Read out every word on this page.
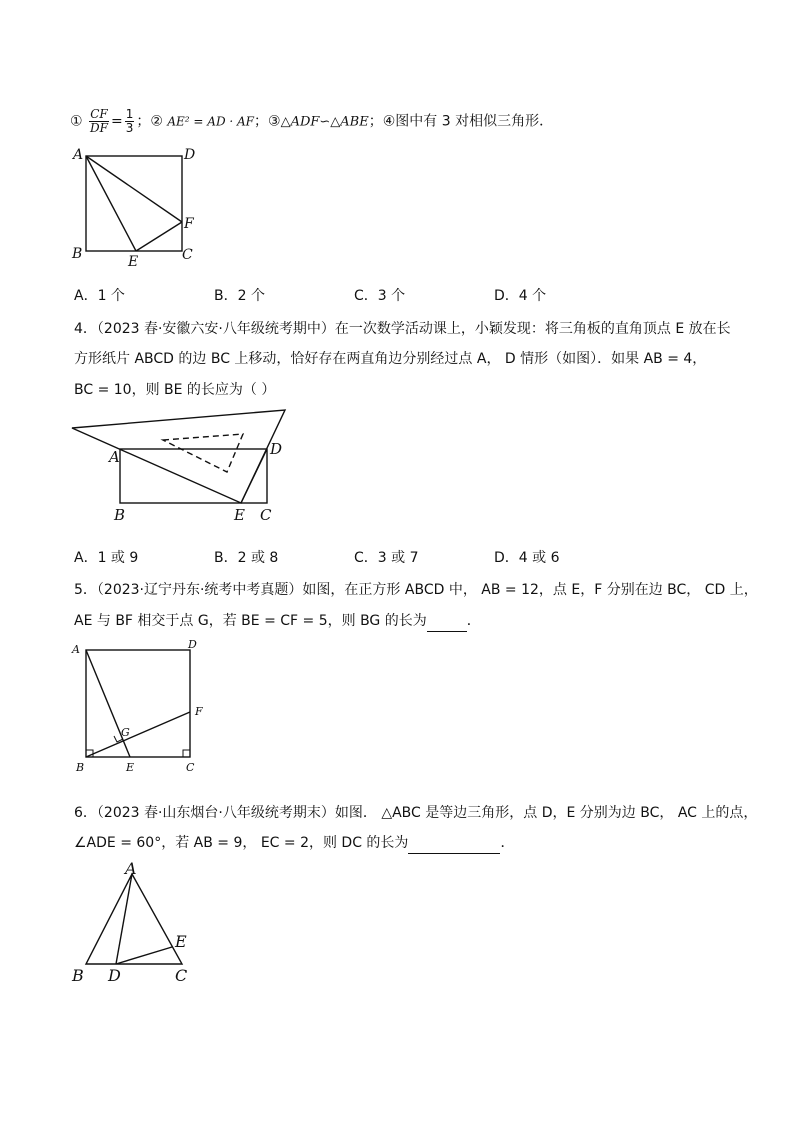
① $\frac{CF}{DF} = \frac{1}{3}$ ；② AE² = AD · AF；③△ADF∽△ABE；④图中有 3 对相似三角形．
A	D
F
B	E	C
A．1 个	B．2 个	C．3 个	D．4 个
4．（2023 春·安徽六安·八年级统考期中）在一次数学活动课上，小颖发现：将三角板的直角顶点 E 放在长
方形纸片 ABCD 的边 BC 上移动，恰好存在两直角边分别经过点 A， D 情形（如图）．如果 AB = 4，
BC = 10，则 BE 的长应为（ ）
A	D
B	E C
A．1 或 9	B．2 或 8	C．3 或 7	D．4 或 6
5．（2023·辽宁丹东·统考中考真题）如图，在正方形 ABCD 中， AB = 12，点 E，F 分别在边 BC， CD 上，
AE 与 BF 相交于点 G，若 BE = CF = 5，则 BG 的长为	．
A	D
F
G
B	E	C
6．（2023 春·山东烟台·八年级统考期末）如图． △ABC 是等边三角形，点 D，E 分别为边 BC， AC 上的点，
∠ADE = 60°，若 AB = 9， EC = 2，则 DC 的长为	．
A
E
B D	C
